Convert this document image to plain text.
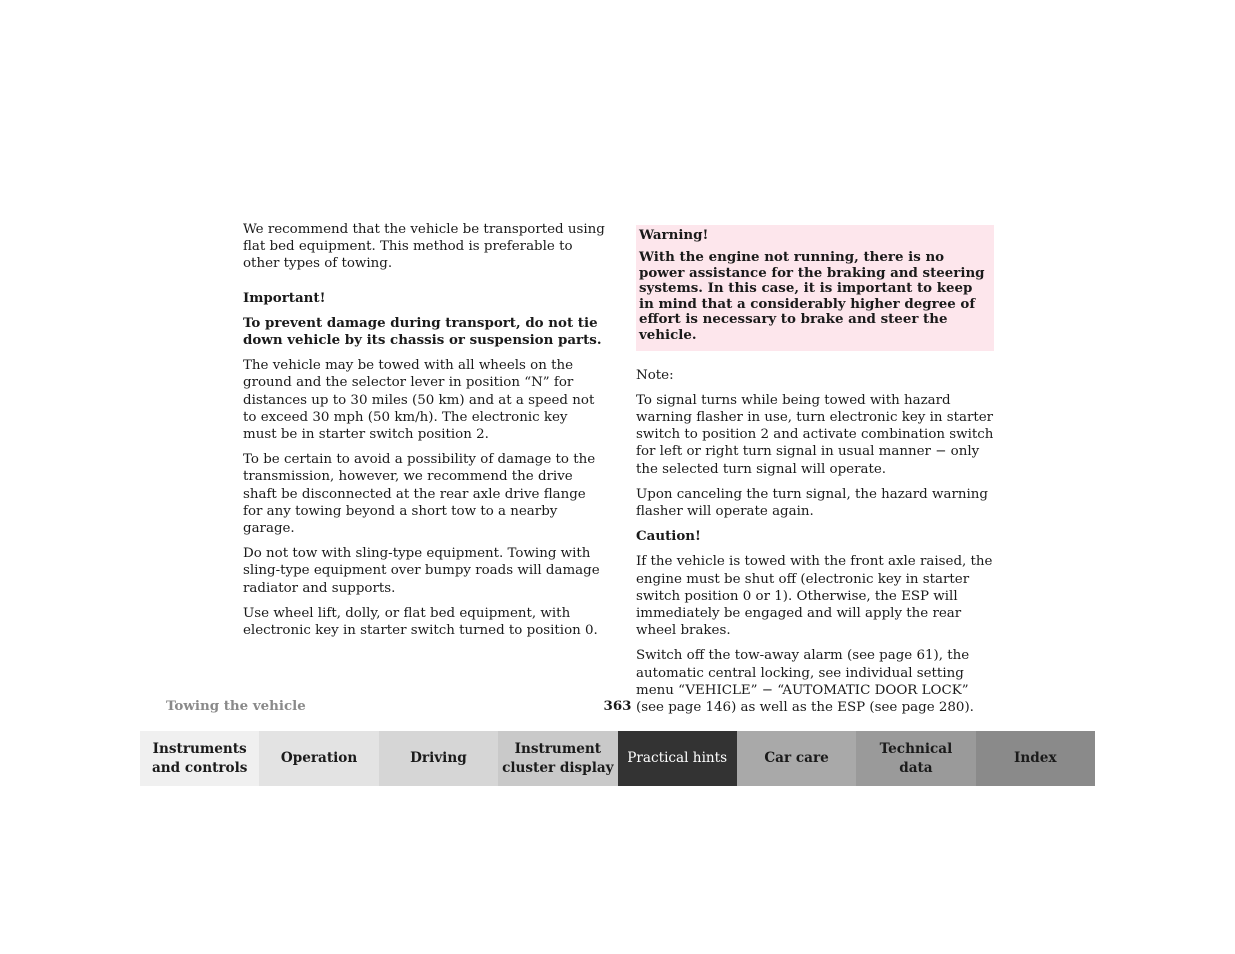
We recommend that the vehicle be transported using flat bed equipment. This method is preferable to other types of towing.

Important!

To prevent damage during transport, do not tie down vehicle by its chassis or suspension parts.

The vehicle may be towed with all wheels on the ground and the selector lever in position “N” for distances up to 30 miles (50 km) and at a speed not to exceed 30 mph (50 km/h). The electronic key must be in starter switch position 2.

To be certain to avoid a possibility of damage to the transmission, however, we recommend the drive shaft be disconnected at the rear axle drive flange for any towing beyond a short tow to a nearby garage.

Do not tow with sling-type equipment. Towing with sling-type equipment over bumpy roads will damage radiator and supports.

Use wheel lift, dolly, or flat bed equipment, with electronic key in starter switch turned to position 0.

Warning!

With the engine not running, there is no power assistance for the braking and steering systems. In this case, it is important to keep in mind that a considerably higher degree of effort is necessary to brake and steer the vehicle.

Note:

To signal turns while being towed with hazard warning flasher in use, turn electronic key in starter switch to position 2 and activate combination switch for left or right turn signal in usual manner − only the selected turn signal will operate.

Upon canceling the turn signal, the hazard warning flasher will operate again.

Caution!

If the vehicle is towed with the front axle raised, the engine must be shut off (electronic key in starter switch position 0 or 1). Otherwise, the ESP will immediately be engaged and will apply the rear wheel brakes.

Switch off the tow-away alarm (see page 61), the automatic central locking, see individual setting menu “VEHICLE” − “AUTOMATIC DOOR LOCK” (see page 146) as well as the ESP (see page 280).

Towing the vehicle	363
Instruments
and controls
Operation	Driving
Instrument
cluster display
Practical hints	Car care
Technical
data
Index
